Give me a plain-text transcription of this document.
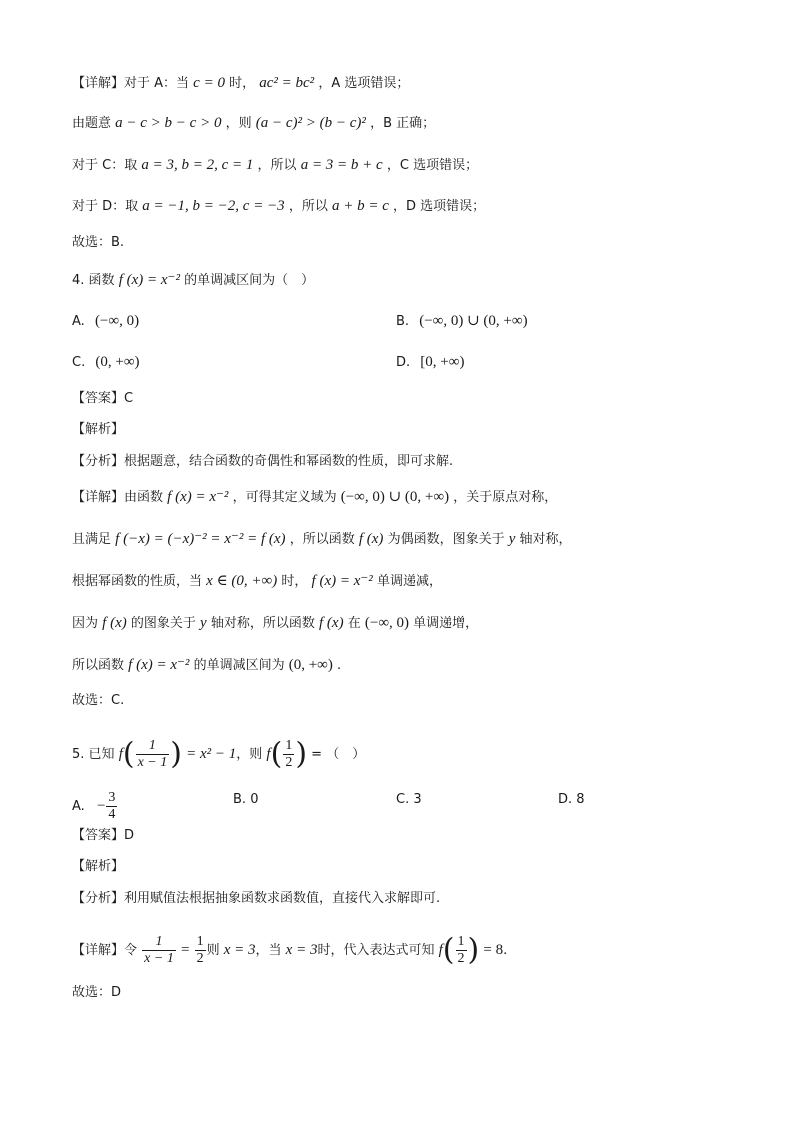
【详解】对于 A：当 c = 0 时， ac² = bc² ，A 选项错误；
由题意 a − c > b − c > 0 ，则 (a − c)² > (b − c)² ，B 正确；
对于 C：取 a = 3, b = 2, c = 1 ，所以 a = 3 = b + c ，C 选项错误；
对于 D：取 a = −1, b = −2, c = −3 ，所以 a + b = c ，D 选项错误；
故选：B.
4. 函数 f (x) = x⁻² 的单调减区间为（　）
A. (−∞, 0)	B. (−∞, 0) ∪ (0, +∞)
C. (0, +∞)	D. [0, +∞)
【答案】C
【解析】
【分析】根据题意，结合函数的奇偶性和幂函数的性质，即可求解.
【详解】由函数 f (x) = x⁻² ，可得其定义域为 (−∞, 0) ∪ (0, +∞) ，关于原点对称，
且满足 f (−x) = (−x)⁻² = x⁻² = f (x) ，所以函数 f (x) 为偶函数，图象关于 y 轴对称，
根据幂函数的性质，当 x ∈ (0, +∞) 时， f (x) = x⁻² 单调递减，
因为 f (x) 的图象关于 y 轴对称，所以函数 f (x) 在 (−∞, 0) 单调递增，
所以函数 f (x) = x⁻² 的单调减区间为 (0, +∞) .
故选：C.
5. 已知 $f( \frac{1}{x - 1}$ ) = x² − 1，则 $f( \frac{1}{2}$ ) = （　）
A. − $\frac{3}{4}$	B. 0	C. 3	D. 8
【答案】D
【解析】
【分析】利用赋值法根据抽象函数求函数值，直接代入求解即可.
【详解】令 $\frac{1}{x - 1} = \frac{1}{2}$ 则 x = 3，当 x = 3时，代入表达式可知 $f( \frac{1}{2}$ ) = 8.
故选：D
